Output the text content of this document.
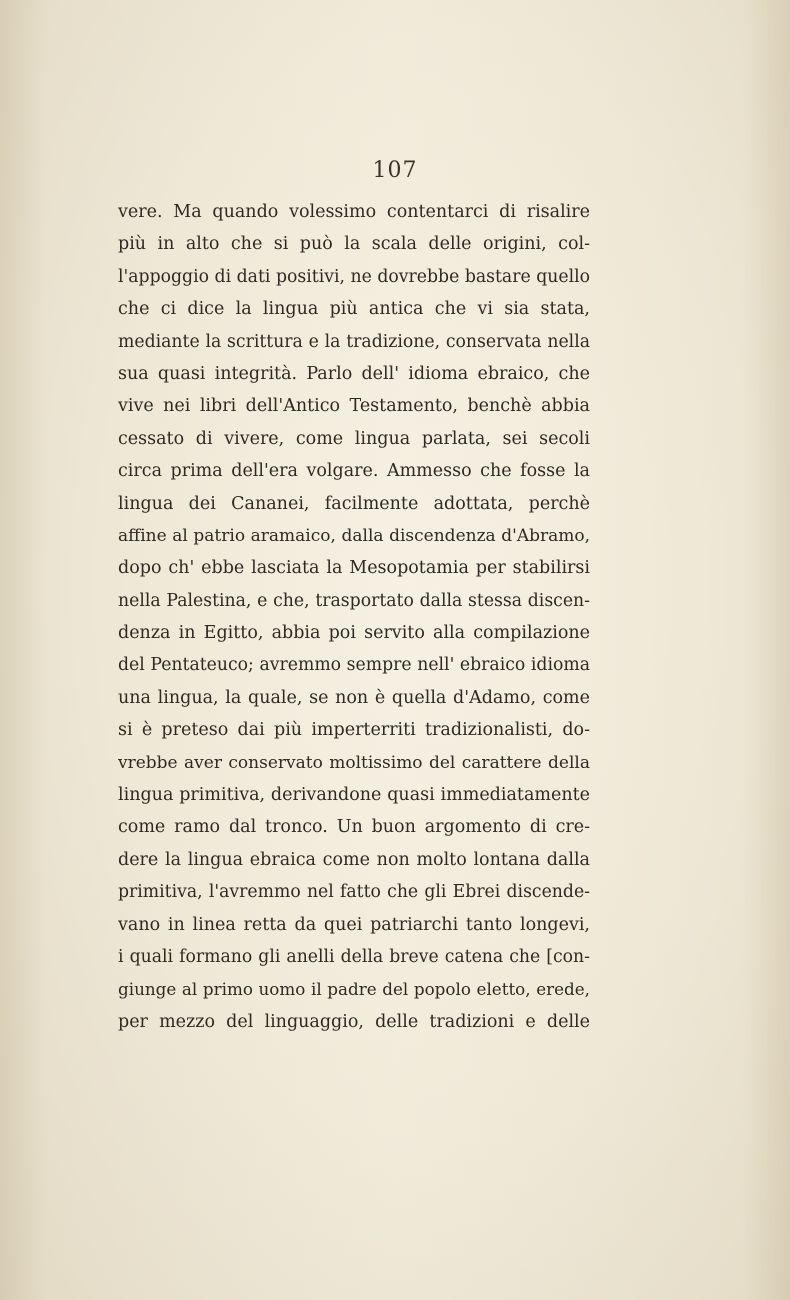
107
vere. Ma quando volessimo contentarci di risalire
più in alto che si può la scala delle origini, col-
l'appoggio di dati positivi, ne dovrebbe bastare quello
che ci dice la lingua più antica che vi sia stata,
mediante la scrittura e la tradizione, conservata nella
sua quasi integrità. Parlo dell' idioma ebraico, che
vive nei libri dell'Antico Testamento, benchè abbia
cessato di vivere, come lingua parlata, sei secoli
circa prima dell'era volgare. Ammesso che fosse la
lingua dei Cananei, facilmente adottata, perchè
affine al patrio aramaico, dalla discendenza d'Abramo,
dopo ch' ebbe lasciata la Mesopotamia per stabilirsi
nella Palestina, e che, trasportato dalla stessa discen-
denza in Egitto, abbia poi servito alla compilazione
del Pentateuco; avremmo sempre nell' ebraico idioma
una lingua, la quale, se non è quella d'Adamo, come
si è preteso dai più imperterriti tradizionalisti, do-
vrebbe aver conservato moltissimo del carattere della
lingua primitiva, derivandone quasi immediatamente
come ramo dal tronco. Un buon argomento di cre-
dere la lingua ebraica come non molto lontana dalla
primitiva, l'avremmo nel fatto che gli Ebrei discende-
vano in linea retta da quei patriarchi tanto longevi,
i quali formano gli anelli della breve catena che [con-
giunge al primo uomo il padre del popolo eletto, erede,
per mezzo del linguaggio, delle tradizioni e delle
